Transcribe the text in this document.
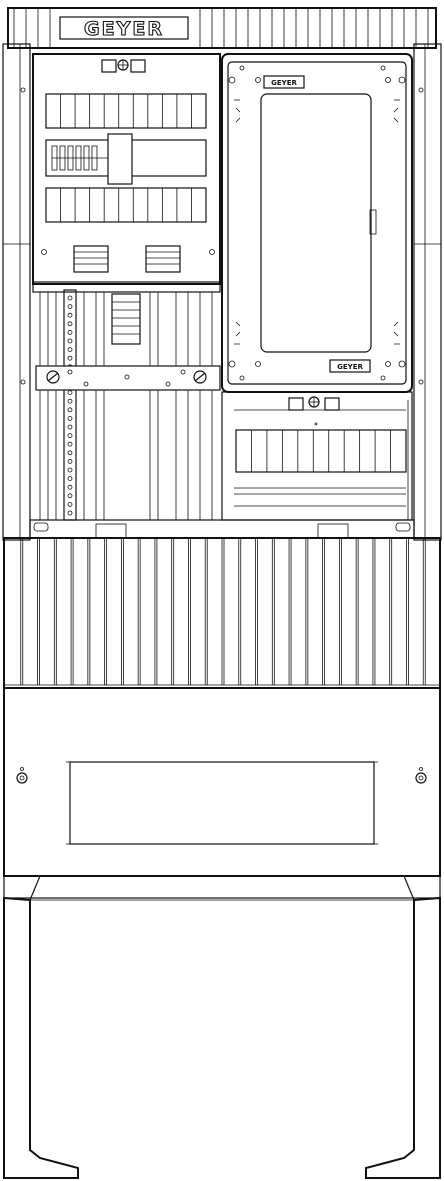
GEYER
GEYER
GEYER
